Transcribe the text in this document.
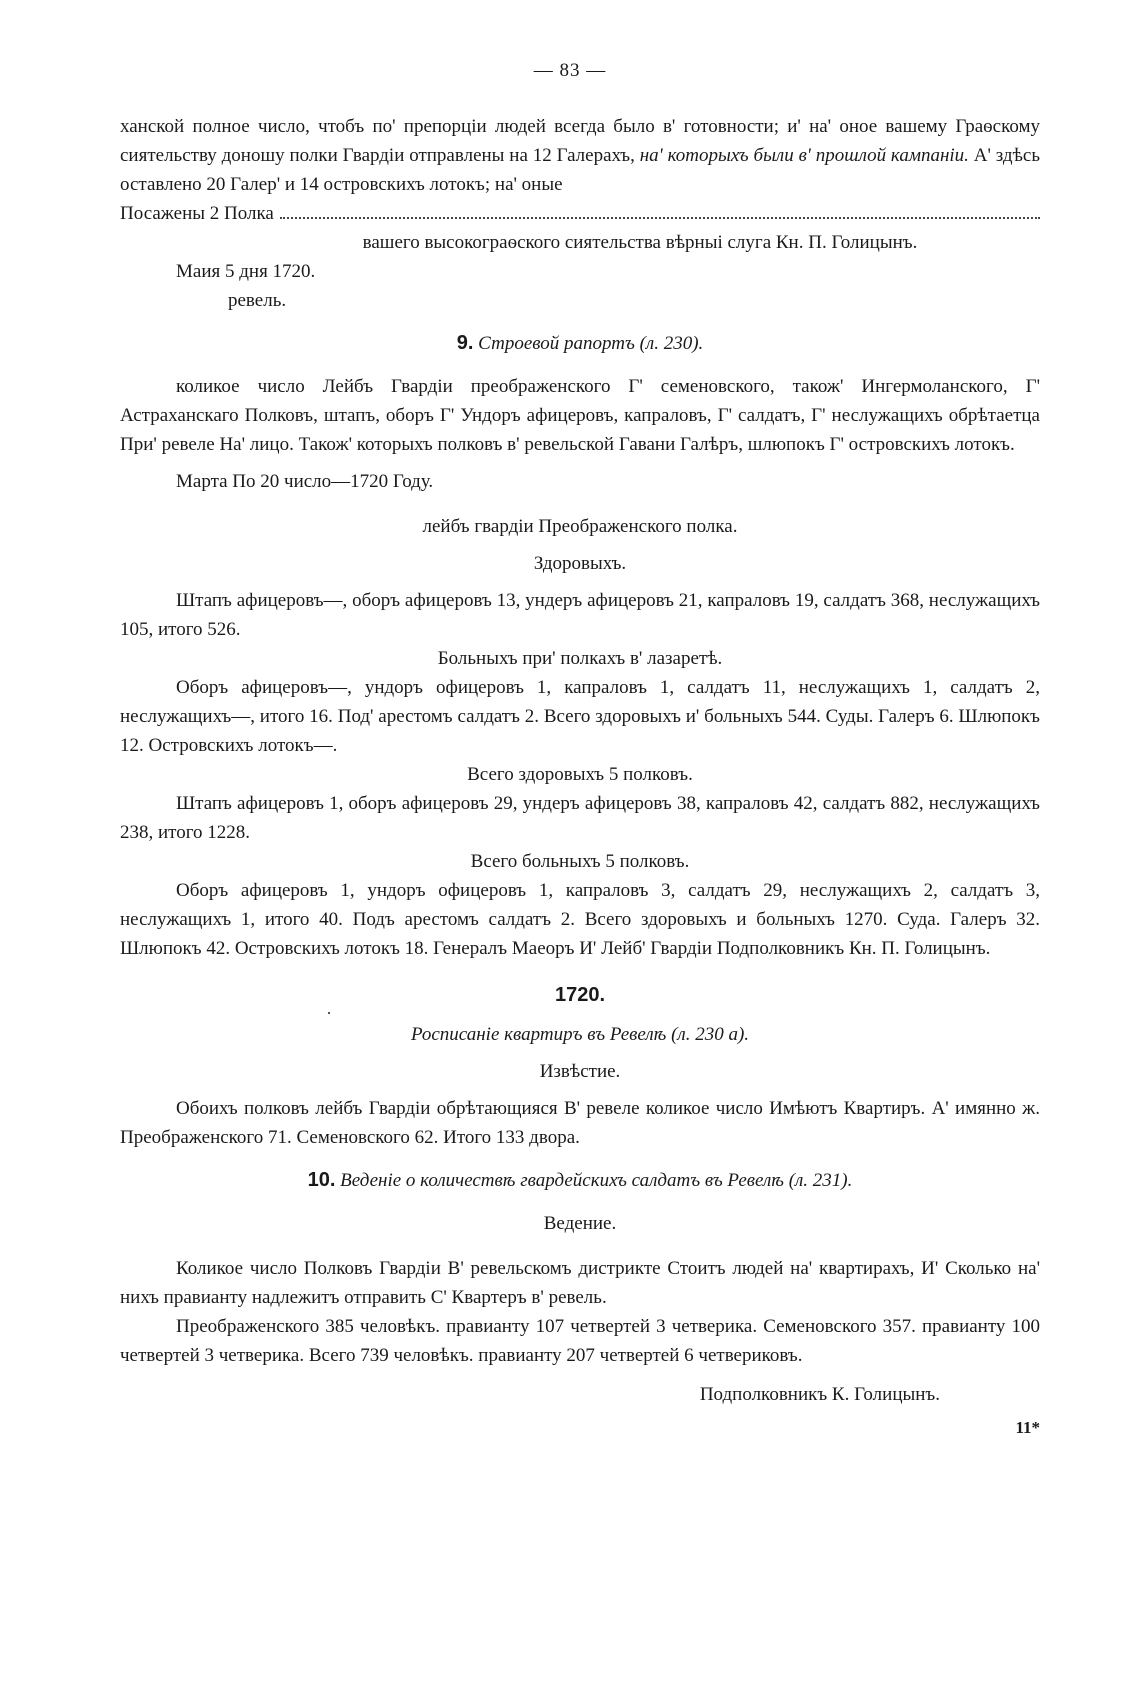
— 83 —

ханской полное число, чтобъ по' препорціи людей всегда было в' готовности; и' на' оное вашему Граѳскому сиятельству доношу полки Гвардіи отправлены на 12 Галерахъ, на' которыхъ были в' прошлой кампаніи. А' здѣсь оставлено 20 Галер' и 14 островскихъ лотокъ; на' оные

Посажены 2 Полка

вашего высокограѳского сиятельства вѣрныі слуга Кн. П. Голицынъ.

Маия 5 дня 1720.

ревель.

9. Строевой рапортъ (л. 230).

коликое число Лейбъ Гвардіи преображенского Г' семеновского, також' Ингермоланского, Г' Астраханскаго Полковъ, штапъ, оборъ Г' Ундоръ афицеровъ, капраловъ, Г' салдатъ, Г' неслужащихъ обрѣтаетца При' ревеле На' лицо. Також' которыхъ полковъ в' ревельской Гавани Галѣръ, шлюпокъ Г' островскихъ лотокъ.

Марта По 20 число—1720 Году.

лейбъ гвардіи Преображенского полка.

Здоровыхъ.

Штапъ афицеровъ—, оборъ афицеровъ 13, ундеръ афицеровъ 21, капраловъ 19, салдатъ 368, неслужащихъ 105, итого 526.

Больныхъ при' полкахъ в' лазаретѣ.

Оборъ афицеровъ—, ундоръ офицеровъ 1, капраловъ 1, салдатъ 11, неслужащихъ 1, салдатъ 2, неслужащихъ—, итого 16. Под' арестомъ салдатъ 2. Всего здоровыхъ и' больныхъ 544. Суды. Галеръ 6. Шлюпокъ 12. Островскихъ лотокъ—.

Всего здоровыхъ 5 полковъ.

Штапъ афицеровъ 1, оборъ афицеровъ 29, ундеръ афицеровъ 38, капраловъ 42, салдатъ 882, неслужащихъ 238, итого 1228.

Всего больныхъ 5 полковъ.

Оборъ афицеровъ 1, ундоръ офицеровъ 1, капраловъ 3, салдатъ 29, неслужащихъ 2, салдатъ 3, неслужащихъ 1, итого 40. Подъ арестомъ салдатъ 2. Всего здоровыхъ и больныхъ 1270. Суда. Галеръ 32. Шлюпокъ 42. Островскихъ лотокъ 18. Генералъ Маеоръ И' Лейб' Гвардіи Подполковникъ Кн. П. Голицынъ.

1720.

Росписаніе квартиръ въ Ревелѣ (л. 230 а).

Извѣстие.

Обоихъ полковъ лейбъ Гвардіи обрѣтающияся В' ревеле коликое число Имѣютъ Квартиръ. А' имянно ж. Преображенского 71. Семеновского 62. Итого 133 двора.

10. Веденіе о количествѣ гвардейскихъ салдатъ въ Ревелѣ (л. 231).

Ведение.

Коликое число Полковъ Гвардіи В' ревельскомъ дистрикте Стоитъ людей на' квартирахъ, И' Сколько на' нихъ правианту надлежитъ отправить С' Квартеръ в' ревель.

Преображенского 385 человѣкъ. правианту 107 четвертей 3 четверика. Семеновского 357. правианту 100 четвертей 3 четверика. Всего 739 человѣкъ. правианту 207 четвертей 6 четвериковъ.

Подполковникъ К. Голицынъ.

11*
